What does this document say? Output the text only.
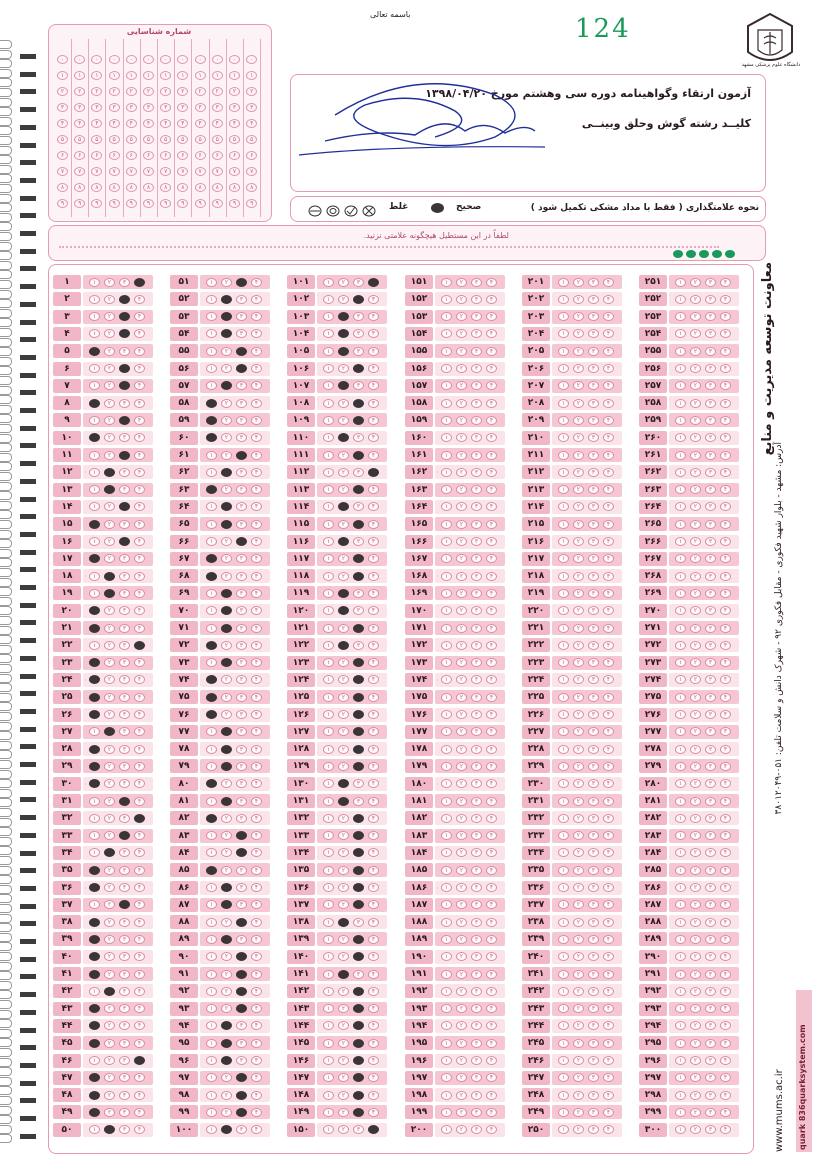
باسمه تعالی	124
دانشگاه علوم پزشکی مشهد
شماره شناسایی
۰
۱
۲
۳
۴
۵
۶
۷
۸
۹
۰
۱
۲
۳
۴
۵
۶
۷
۸
۹
۰
۱
۲
۳
۴
۵
۶
۷
۸
۹
۰
۱
۲
۳
۴
۵
۶
۷
۸
۹
۰
۱
۲
۳
۴
۵
۶
۷
۸
۹
۰
۱
۲
۳
۴
۵
۶
۷
۸
۹
۰
۱
۲
۳
۴
۵
۶
۷
۸
۹
۰
۱
۲
۳
۴
۵
۶
۷
۸
۹
۰
۱
۲
۳
۴
۵
۶
۷
۸
۹
۰
۱
۲
۳
۴
۵
۶
۷
۸
۹
۰
۱
۲
۳
۴
۵
۶
۷
۸
۹
۰
۱
۲
۳
۴
۵
۶
۷
۸
۹
آزمون ارتقاء وگواهینامه دوره سی وهشتم مورخ ۱۳۹۸/۰۴/۲۰
کلیــد رشته گوش وحلق وبینــی
نحوه علامتگذاری ( فقط با مداد مشکی تکمیل شود )
صحیح
غلط
لطفاً در این مستطیل هیچگونه علامتی نزنید.
۱	۱	۲	۳	۴
۲	۱	۲	۳	۴
۳	۱	۲	۳	۴
۴	۱	۲	۳	۴
۵	۱	۲	۳	۴
۶	۱	۲	۳	۴
۷	۱	۲	۳	۴
۸	۱	۲	۳	۴
۹	۱	۲	۳	۴
۱۰	۱	۲	۳	۴
۱۱	۱	۲	۳	۴
۱۲	۱	۲	۳	۴
۱۳	۱	۲	۳	۴
۱۴	۱	۲	۳	۴
۱۵	۱	۲	۳	۴
۱۶	۱	۲	۳	۴
۱۷	۱	۲	۳	۴
۱۸	۱	۲	۳	۴
۱۹	۱	۲	۳	۴
۲۰	۱	۲	۳	۴
۲۱	۱	۲	۳	۴
۲۲	۱	۲	۳	۴
۲۳	۱	۲	۳	۴
۲۴	۱	۲	۳	۴
۲۵	۱	۲	۳	۴
۲۶	۱	۲	۳	۴
۲۷	۱	۲	۳	۴
۲۸	۱	۲	۳	۴
۲۹	۱	۲	۳	۴
۳۰	۱	۲	۳	۴
۳۱	۱	۲	۳	۴
۳۲	۱	۲	۳	۴
۳۳	۱	۲	۳	۴
۳۴	۱	۲	۳	۴
۳۵	۱	۲	۳	۴
۳۶	۱	۲	۳	۴
۳۷	۱	۲	۳	۴
۳۸	۱	۲	۳	۴
۳۹	۱	۲	۳	۴
۴۰	۱	۲	۳	۴
۴۱	۱	۲	۳	۴
۴۲	۱	۲	۳	۴
۴۳	۱	۲	۳	۴
۴۴	۱	۲	۳	۴
۴۵	۱	۲	۳	۴
۴۶	۱	۲	۳	۴
۴۷	۱	۲	۳	۴
۴۸	۱	۲	۳	۴
۴۹	۱	۲	۳	۴
۵۰	۱	۲	۳	۴
۵۱	۱	۲	۳	۴
۵۲	۱	۲	۳	۴
۵۳	۱	۲	۳	۴
۵۴	۱	۲	۳	۴
۵۵	۱	۲	۳	۴
۵۶	۱	۲	۳	۴
۵۷	۱	۲	۳	۴
۵۸	۱	۲	۳	۴
۵۹	۱	۲	۳	۴
۶۰	۱	۲	۳	۴
۶۱	۱	۲	۳	۴
۶۲	۱	۲	۳	۴
۶۳	۱	۲	۳	۴
۶۴	۱	۲	۳	۴
۶۵	۱	۲	۳	۴
۶۶	۱	۲	۳	۴
۶۷	۱	۲	۳	۴
۶۸	۱	۲	۳	۴
۶۹	۱	۲	۳	۴
۷۰	۱	۲	۳	۴
۷۱	۱	۲	۳	۴
۷۲	۱	۲	۳	۴
۷۳	۱	۲	۳	۴
۷۴	۱	۲	۳	۴
۷۵	۱	۲	۳	۴
۷۶	۱	۲	۳	۴
۷۷	۱	۲	۳	۴
۷۸	۱	۲	۳	۴
۷۹	۱	۲	۳	۴
۸۰	۱	۲	۳	۴
۸۱	۱	۲	۳	۴
۸۲	۱	۲	۳	۴
۸۳	۱	۲	۳	۴
۸۴	۱	۲	۳	۴
۸۵	۱	۲	۳	۴
۸۶	۱	۲	۳	۴
۸۷	۱	۲	۳	۴
۸۸	۱	۲	۳	۴
۸۹	۱	۲	۳	۴
۹۰	۱	۲	۳	۴
۹۱	۱	۲	۳	۴
۹۲	۱	۲	۳	۴
۹۳	۱	۲	۳	۴
۹۴	۱	۲	۳	۴
۹۵	۱	۲	۳	۴
۹۶	۱	۲	۳	۴
۹۷	۱	۲	۳	۴
۹۸	۱	۲	۳	۴
۹۹	۱	۲	۳	۴
۱۰۰	۱	۲	۳	۴
۱۰۱	۱	۲	۳	۴
۱۰۲	۱	۲	۳	۴
۱۰۳	۱	۲	۳	۴
۱۰۴	۱	۲	۳	۴
۱۰۵	۱	۲	۳	۴
۱۰۶	۱	۲	۳	۴
۱۰۷	۱	۲	۳	۴
۱۰۸	۱	۲	۳	۴
۱۰۹	۱	۲	۳	۴
۱۱۰	۱	۲	۳	۴
۱۱۱	۱	۲	۳	۴
۱۱۲	۱	۲	۳	۴
۱۱۳	۱	۲	۳	۴
۱۱۴	۱	۲	۳	۴
۱۱۵	۱	۲	۳	۴
۱۱۶	۱	۲	۳	۴
۱۱۷	۱	۲	۳	۴
۱۱۸	۱	۲	۳	۴
۱۱۹	۱	۲	۳	۴
۱۲۰	۱	۲	۳	۴
۱۲۱	۱	۲	۳	۴
۱۲۲	۱	۲	۳	۴
۱۲۳	۱	۲	۳	۴
۱۲۴	۱	۲	۳	۴
۱۲۵	۱	۲	۳	۴
۱۲۶	۱	۲	۳	۴
۱۲۷	۱	۲	۳	۴
۱۲۸	۱	۲	۳	۴
۱۲۹	۱	۲	۳	۴
۱۳۰	۱	۲	۳	۴
۱۳۱	۱	۲	۳	۴
۱۳۲	۱	۲	۳	۴
۱۳۳	۱	۲	۳	۴
۱۳۴	۱	۲	۳	۴
۱۳۵	۱	۲	۳	۴
۱۳۶	۱	۲	۳	۴
۱۳۷	۱	۲	۳	۴
۱۳۸	۱	۲	۳	۴
۱۳۹	۱	۲	۳	۴
۱۴۰	۱	۲	۳	۴
۱۴۱	۱	۲	۳	۴
۱۴۲	۱	۲	۳	۴
۱۴۳	۱	۲	۳	۴
۱۴۴	۱	۲	۳	۴
۱۴۵	۱	۲	۳	۴
۱۴۶	۱	۲	۳	۴
۱۴۷	۱	۲	۳	۴
۱۴۸	۱	۲	۳	۴
۱۴۹	۱	۲	۳	۴
۱۵۰	۱	۲	۳	۴
۱۵۱	۱	۲	۳	۴
۱۵۲	۱	۲	۳	۴
۱۵۳	۱	۲	۳	۴
۱۵۴	۱	۲	۳	۴
۱۵۵	۱	۲	۳	۴
۱۵۶	۱	۲	۳	۴
۱۵۷	۱	۲	۳	۴
۱۵۸	۱	۲	۳	۴
۱۵۹	۱	۲	۳	۴
۱۶۰	۱	۲	۳	۴
۱۶۱	۱	۲	۳	۴
۱۶۲	۱	۲	۳	۴
۱۶۳	۱	۲	۳	۴
۱۶۴	۱	۲	۳	۴
۱۶۵	۱	۲	۳	۴
۱۶۶	۱	۲	۳	۴
۱۶۷	۱	۲	۳	۴
۱۶۸	۱	۲	۳	۴
۱۶۹	۱	۲	۳	۴
۱۷۰	۱	۲	۳	۴
۱۷۱	۱	۲	۳	۴
۱۷۲	۱	۲	۳	۴
۱۷۳	۱	۲	۳	۴
۱۷۴	۱	۲	۳	۴
۱۷۵	۱	۲	۳	۴
۱۷۶	۱	۲	۳	۴
۱۷۷	۱	۲	۳	۴
۱۷۸	۱	۲	۳	۴
۱۷۹	۱	۲	۳	۴
۱۸۰	۱	۲	۳	۴
۱۸۱	۱	۲	۳	۴
۱۸۲	۱	۲	۳	۴
۱۸۳	۱	۲	۳	۴
۱۸۴	۱	۲	۳	۴
۱۸۵	۱	۲	۳	۴
۱۸۶	۱	۲	۳	۴
۱۸۷	۱	۲	۳	۴
۱۸۸	۱	۲	۳	۴
۱۸۹	۱	۲	۳	۴
۱۹۰	۱	۲	۳	۴
۱۹۱	۱	۲	۳	۴
۱۹۲	۱	۲	۳	۴
۱۹۳	۱	۲	۳	۴
۱۹۴	۱	۲	۳	۴
۱۹۵	۱	۲	۳	۴
۱۹۶	۱	۲	۳	۴
۱۹۷	۱	۲	۳	۴
۱۹۸	۱	۲	۳	۴
۱۹۹	۱	۲	۳	۴
۲۰۰	۱	۲	۳	۴
۲۰۱	۱	۲	۳	۴
۲۰۲	۱	۲	۳	۴
۲۰۳	۱	۲	۳	۴
۲۰۴	۱	۲	۳	۴
۲۰۵	۱	۲	۳	۴
۲۰۶	۱	۲	۳	۴
۲۰۷	۱	۲	۳	۴
۲۰۸	۱	۲	۳	۴
۲۰۹	۱	۲	۳	۴
۲۱۰	۱	۲	۳	۴
۲۱۱	۱	۲	۳	۴
۲۱۲	۱	۲	۳	۴
۲۱۳	۱	۲	۳	۴
۲۱۴	۱	۲	۳	۴
۲۱۵	۱	۲	۳	۴
۲۱۶	۱	۲	۳	۴
۲۱۷	۱	۲	۳	۴
۲۱۸	۱	۲	۳	۴
۲۱۹	۱	۲	۳	۴
۲۲۰	۱	۲	۳	۴
۲۲۱	۱	۲	۳	۴
۲۲۲	۱	۲	۳	۴
۲۲۳	۱	۲	۳	۴
۲۲۴	۱	۲	۳	۴
۲۲۵	۱	۲	۳	۴
۲۲۶	۱	۲	۳	۴
۲۲۷	۱	۲	۳	۴
۲۲۸	۱	۲	۳	۴
۲۲۹	۱	۲	۳	۴
۲۳۰	۱	۲	۳	۴
۲۳۱	۱	۲	۳	۴
۲۳۲	۱	۲	۳	۴
۲۳۳	۱	۲	۳	۴
۲۳۴	۱	۲	۳	۴
۲۳۵	۱	۲	۳	۴
۲۳۶	۱	۲	۳	۴
۲۳۷	۱	۲	۳	۴
۲۳۸	۱	۲	۳	۴
۲۳۹	۱	۲	۳	۴
۲۴۰	۱	۲	۳	۴
۲۴۱	۱	۲	۳	۴
۲۴۲	۱	۲	۳	۴
۲۴۳	۱	۲	۳	۴
۲۴۴	۱	۲	۳	۴
۲۴۵	۱	۲	۳	۴
۲۴۶	۱	۲	۳	۴
۲۴۷	۱	۲	۳	۴
۲۴۸	۱	۲	۳	۴
۲۴۹	۱	۲	۳	۴
۲۵۰	۱	۲	۳	۴
۲۵۱	۱	۲	۳	۴
۲۵۲	۱	۲	۳	۴
۲۵۳	۱	۲	۳	۴
۲۵۴	۱	۲	۳	۴
۲۵۵	۱	۲	۳	۴
۲۵۶	۱	۲	۳	۴
۲۵۷	۱	۲	۳	۴
۲۵۸	۱	۲	۳	۴
۲۵۹	۱	۲	۳	۴
۲۶۰	۱	۲	۳	۴
۲۶۱	۱	۲	۳	۴
۲۶۲	۱	۲	۳	۴
۲۶۳	۱	۲	۳	۴
۲۶۴	۱	۲	۳	۴
۲۶۵	۱	۲	۳	۴
۲۶۶	۱	۲	۳	۴
۲۶۷	۱	۲	۳	۴
۲۶۸	۱	۲	۳	۴
۲۶۹	۱	۲	۳	۴
۲۷۰	۱	۲	۳	۴
۲۷۱	۱	۲	۳	۴
۲۷۲	۱	۲	۳	۴
۲۷۳	۱	۲	۳	۴
۲۷۴	۱	۲	۳	۴
۲۷۵	۱	۲	۳	۴
۲۷۶	۱	۲	۳	۴
۲۷۷	۱	۲	۳	۴
۲۷۸	۱	۲	۳	۴
۲۷۹	۱	۲	۳	۴
۲۸۰	۱	۲	۳	۴
۲۸۱	۱	۲	۳	۴
۲۸۲	۱	۲	۳	۴
۲۸۳	۱	۲	۳	۴
۲۸۴	۱	۲	۳	۴
۲۸۵	۱	۲	۳	۴
۲۸۶	۱	۲	۳	۴
۲۸۷	۱	۲	۳	۴
۲۸۸	۱	۲	۳	۴
۲۸۹	۱	۲	۳	۴
۲۹۰	۱	۲	۳	۴
۲۹۱	۱	۲	۳	۴
۲۹۲	۱	۲	۳	۴
۲۹۳	۱	۲	۳	۴
۲۹۴	۱	۲	۳	۴
۲۹۵	۱	۲	۳	۴
۲۹۶	۱	۲	۳	۴
۲۹۷	۱	۲	۳	۴
۲۹۸	۱	۲	۳	۴
۲۹۹	۱	۲	۳	۴
۳۰۰	۱	۲	۳	۴
معاونت توسعه مدیریت و منابع
آدرس: مشهد - بلوار شهید فکوری - مقابل فکوری ۹۲ - شهرک دانش و سلامت تلفن: ۰۵۱-۳۸۰۱۲۰۴۹
www.mums.ac.ir quark 836quarksystem.com
